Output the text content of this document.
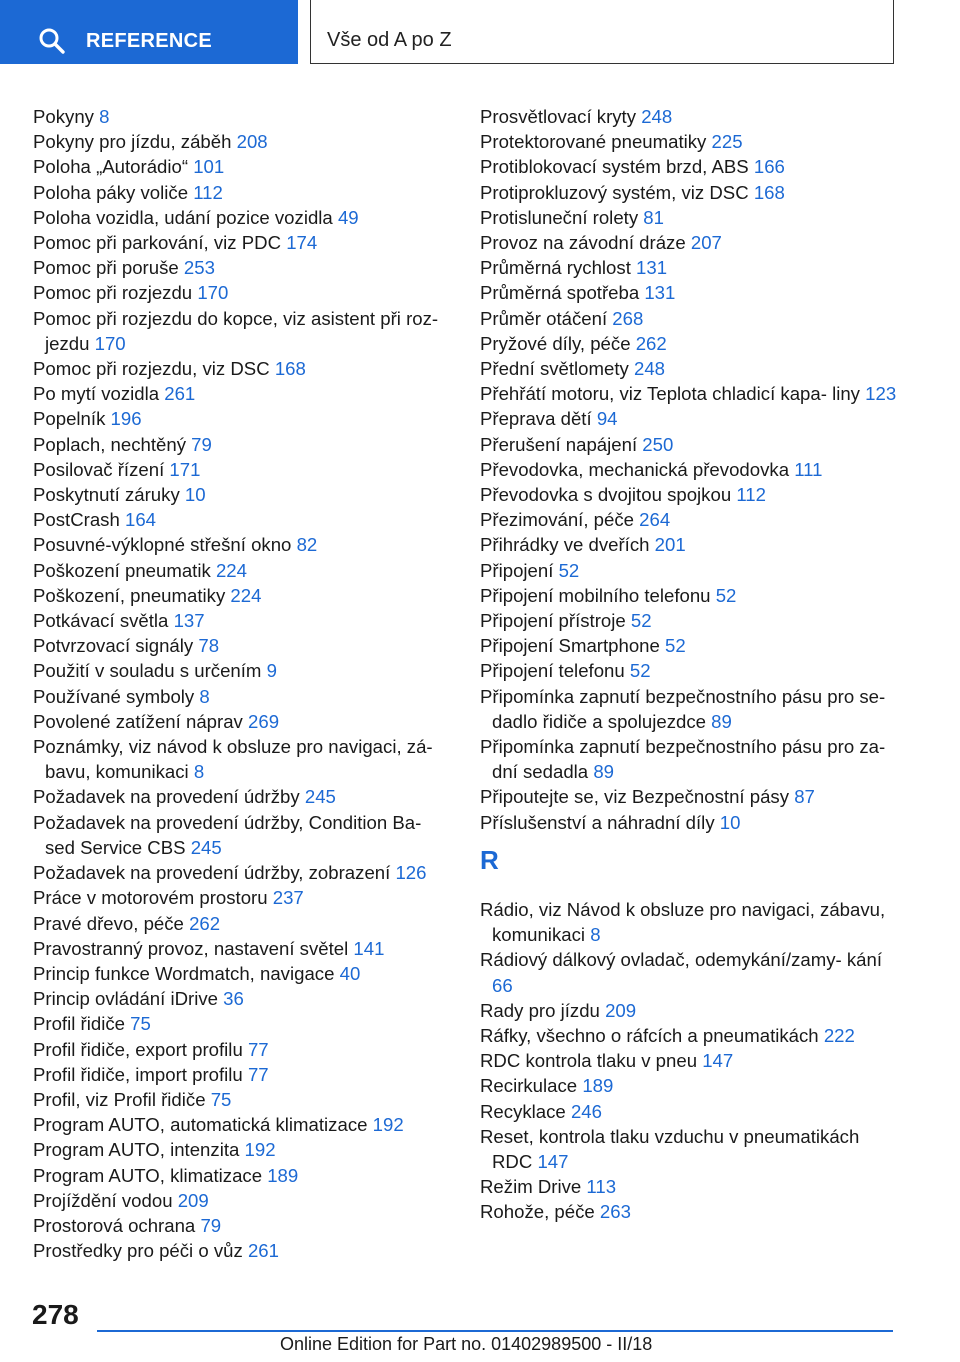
REFERENCE	Vše od A po Z
Pokyny 8
Pokyny pro jízdu, záběh 208
Poloha „Autorádio“ 101
Poloha páky voliče 112
Poloha vozidla, udání pozice vozidla 49
Pomoc při parkování, viz PDC 174
Pomoc při poruše 253
Pomoc při rozjezdu 170
Pomoc při rozjezdu do kopce, viz asistent při roz‐ jezdu 170
Pomoc při rozjezdu, viz DSC 168
Po mytí vozidla 261
Popelník 196
Poplach, nechtěný 79
Posilovač řízení 171
Poskytnutí záruky 10
PostCrash 164
Posuvné-výklopné střešní okno 82
Poškození pneumatik 224
Poškození, pneumatiky 224
Potkávací světla 137
Potvrzovací signály 78
Použití v souladu s určením 9
Používané symboly 8
Povolené zatížení náprav 269
Poznámky, viz návod k obsluze pro navigaci, zá‐ bavu, komunikaci 8
Požadavek na provedení údržby 245
Požadavek na provedení údržby, Condition Ba‐ sed Service CBS 245
Požadavek na provedení údržby, zobrazení 126
Práce v motorovém prostoru 237
Pravé dřevo, péče 262
Pravostranný provoz, nastavení světel 141
Princip funkce Wordmatch, navigace 40
Princip ovládání iDrive 36
Profil řidiče 75
Profil řidiče, export profilu 77
Profil řidiče, import profilu 77
Profil, viz Profil řidiče 75
Program AUTO, automatická klimatizace 192
Program AUTO, intenzita 192
Program AUTO, klimatizace 189
Projíždění vodou 209
Prostorová ochrana 79
Prostředky pro péči o vůz 261
Prosvětlovací kryty 248
Protektorované pneumatiky 225
Protiblokovací systém brzd, ABS 166
Protiprokluzový systém, viz DSC 168
Protisluneční rolety 81
Provoz na závodní dráze 207
Průměrná rychlost 131
Průměrná spotřeba 131
Průměr otáčení 268
Pryžové díly, péče 262
Přední světlomety 248
Přehřátí motoru, viz Teplota chladicí kapa‐ liny 123
Přeprava dětí 94
Přerušení napájení 250
Převodovka, mechanická převodovka 111
Převodovka s dvojitou spojkou 112
Přezimování, péče 264
Přihrádky ve dveřích 201
Připojení 52
Připojení mobilního telefonu 52
Připojení přístroje 52
Připojení Smartphone 52
Připojení telefonu 52
Připomínka zapnutí bezpečnostního pásu pro se‐ dadlo řidiče a spolujezdce 89
Připomínka zapnutí bezpečnostního pásu pro za‐ dní sedadla 89
Připoutejte se, viz Bezpečnostní pásy 87
Příslušenství a náhradní díly 10
R
Rádio, viz Návod k obsluze pro navigaci, zábavu, komunikaci 8
Rádiový dálkový ovladač, odemykání/zamy‐ kání 66
Rady pro jízdu 209
Ráfky, všechno o ráfcích a pneumatikách 222
RDC kontrola tlaku v pneu 147
Recirkulace 189
Recyklace 246
Reset, kontrola tlaku vzduchu v pneumatikách RDC 147
Režim Drive 113
Rohože, péče 263
278
Online Edition for Part no. 01402989500 - II/18
